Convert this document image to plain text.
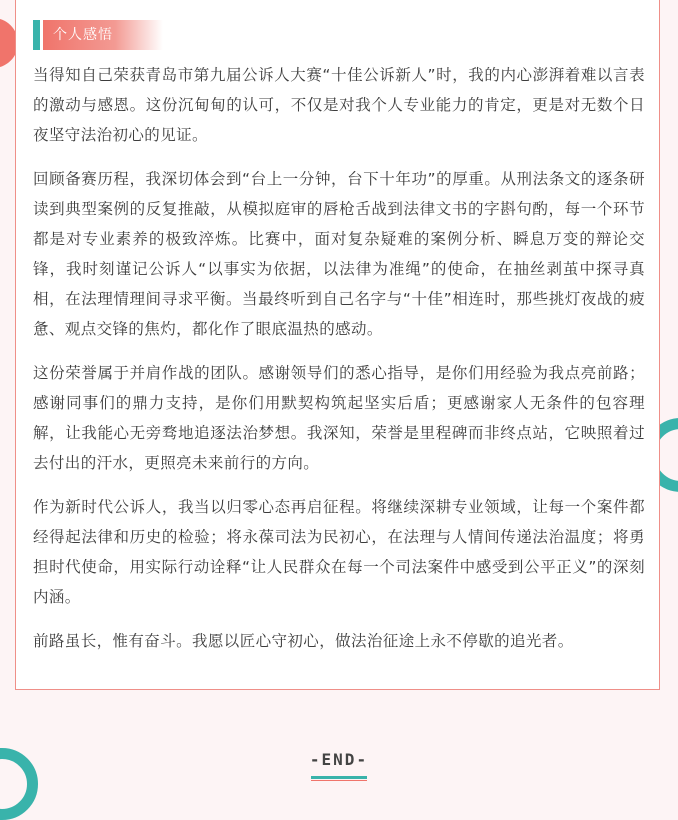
个人感悟

当得知自己荣获青岛市第九届公诉人大赛“十佳公诉新人”时，我的内心澎湃着难以言表的激动与感恩。这份沉甸甸的认可，不仅是对我个人专业能力的肯定，更是对无数个日夜坚守法治初心的见证。

回顾备赛历程，我深切体会到“台上一分钟，台下十年功”的厚重。从刑法条文的逐条研读到典型案例的反复推敲，从模拟庭审的唇枪舌战到法律文书的字斟句酌，每一个环节都是对专业素养的极致淬炼。比赛中，面对复杂疑难的案例分析、瞬息万变的辩论交锋，我时刻谨记公诉人“以事实为依据，以法律为准绳”的使命，在抽丝剥茧中探寻真相，在法理情理间寻求平衡。当最终听到自己名字与“十佳”相连时，那些挑灯夜战的疲惫、观点交锋的焦灼，都化作了眼底温热的感动。

这份荣誉属于并肩作战的团队。感谢领导们的悉心指导，是你们用经验为我点亮前路；感谢同事们的鼎力支持，是你们用默契构筑起坚实后盾；更感谢家人无条件的包容理解，让我能心无旁骛地追逐法治梦想。我深知，荣誉是里程碑而非终点站，它映照着过去付出的汗水，更照亮未来前行的方向。

作为新时代公诉人，我当以归零心态再启征程。将继续深耕专业领域，让每一个案件都经得起法律和历史的检验；将永葆司法为民初心，在法理与人情间传递法治温度；将勇担时代使命，用实际行动诠释“让人民群众在每一个司法案件中感受到公平正义”的深刻内涵。

前路虽长，惟有奋斗。我愿以匠心守初心，做法治征途上永不停歇的追光者。

-END-
